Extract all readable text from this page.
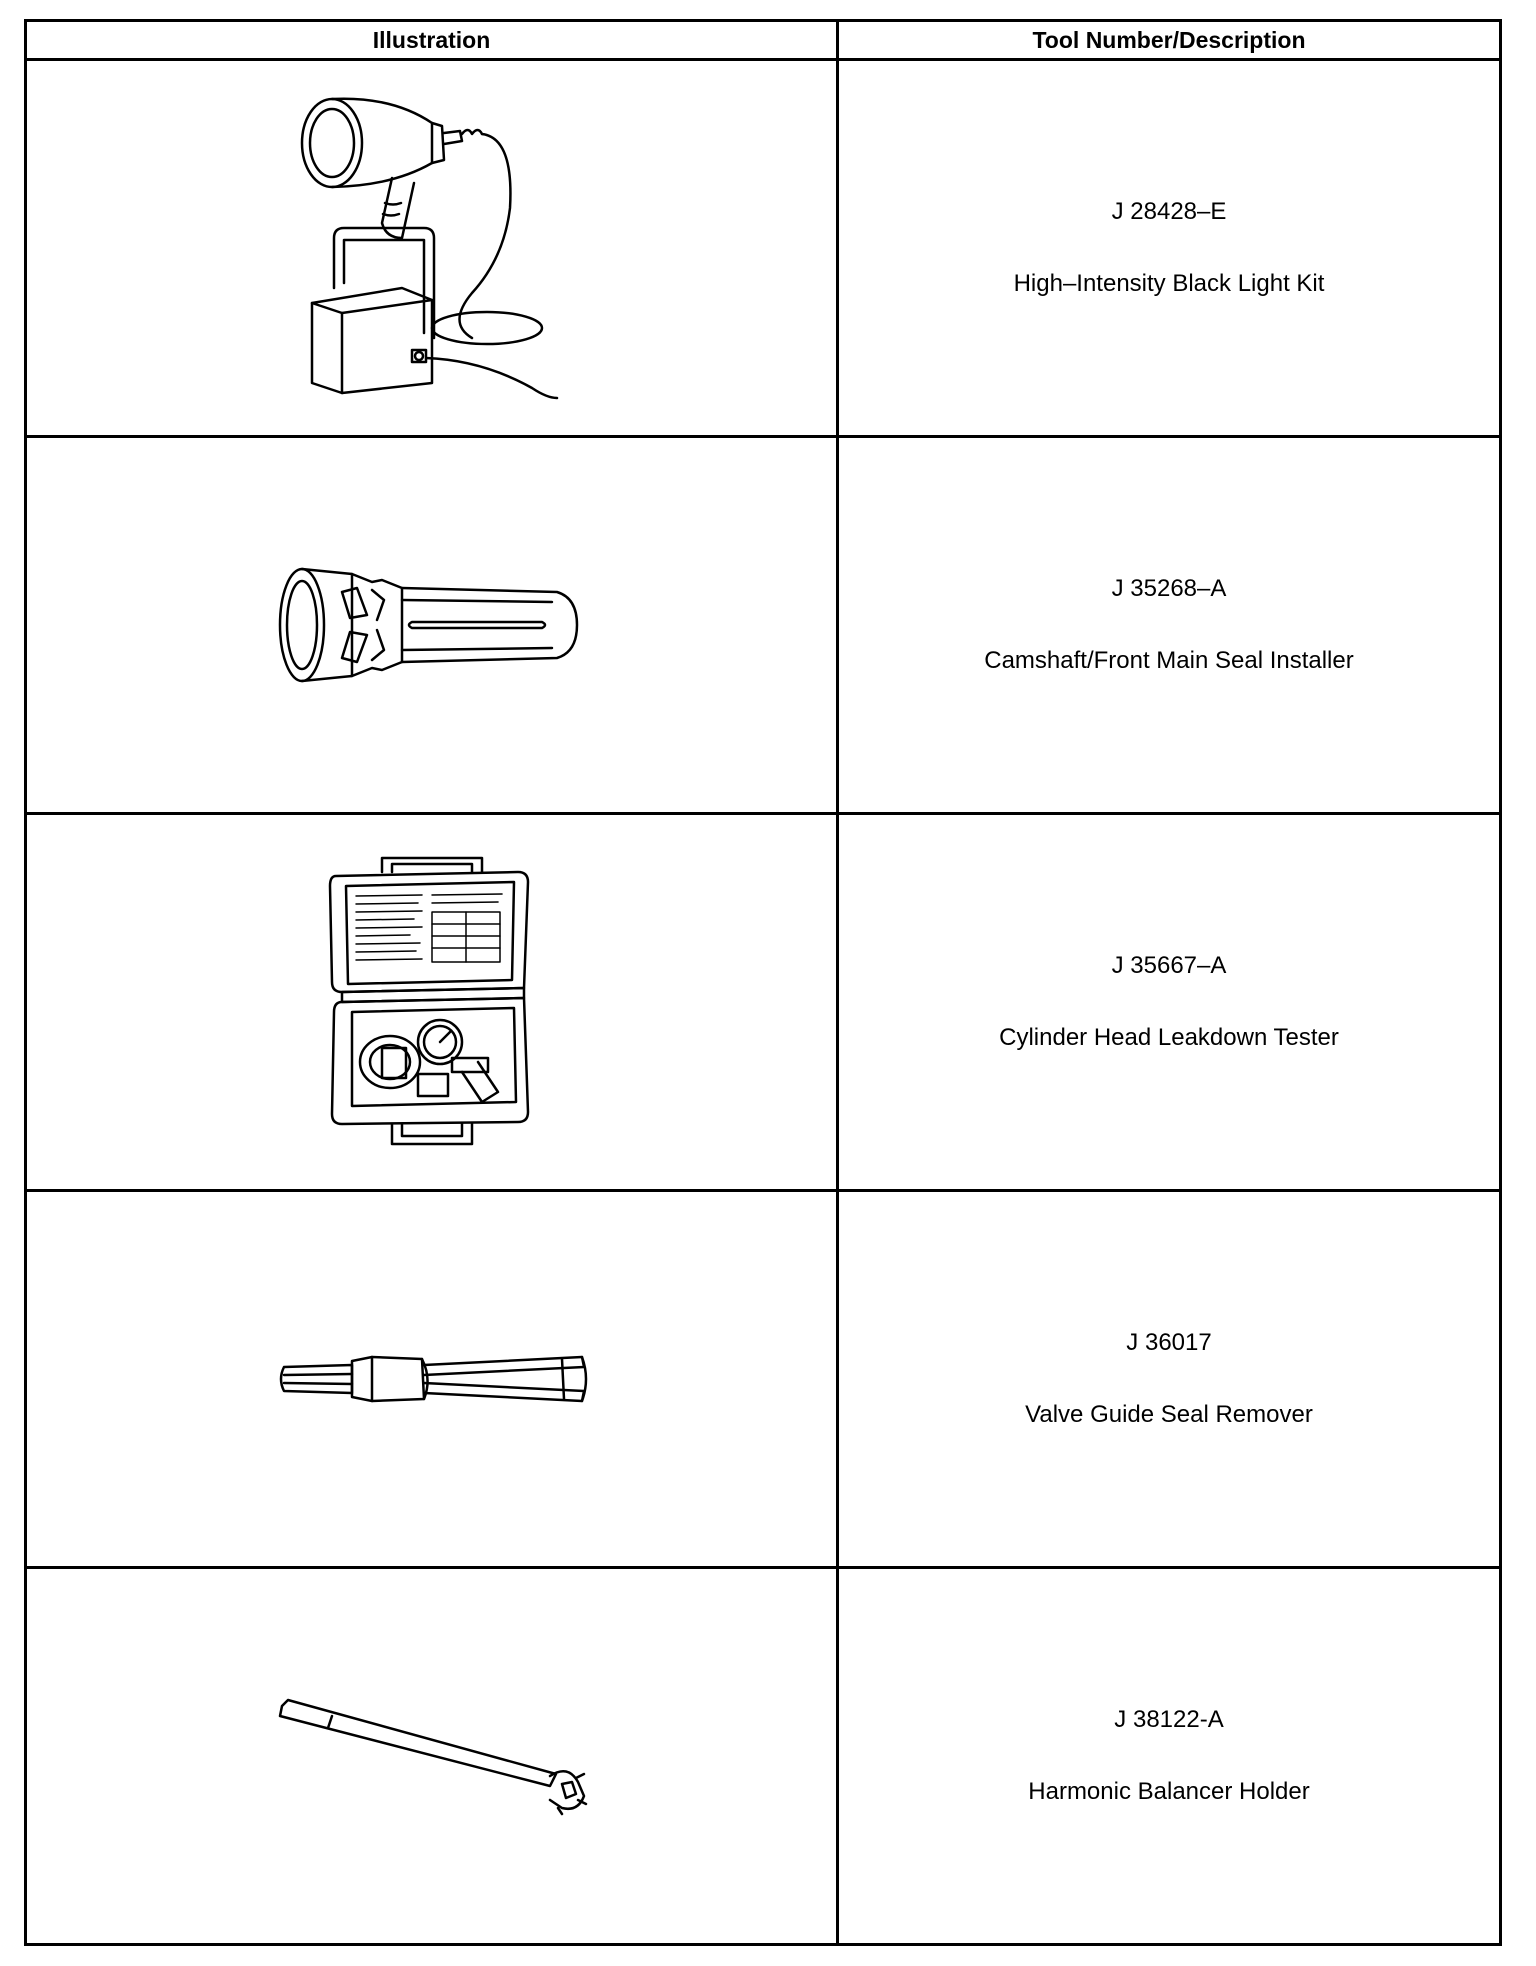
Illustration	Tool Number/Description

J 28428–E
High–Intensity Black Light Kit

J 35268–A
Camshaft/Front Main Seal Installer

J 35667–A
Cylinder Head Leakdown Tester

J 36017
Valve Guide Seal Remover

J 38122-A
Harmonic Balancer Holder
